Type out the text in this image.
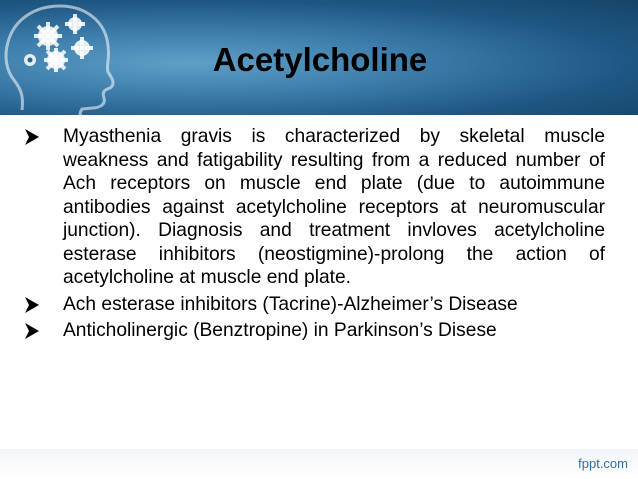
Acetylcholine
Myasthenia gravis is characterized by skeletal muscle weakness and fatigability resulting from a reduced number of Ach receptors on muscle end plate (due to autoimmune antibodies against acetylcholine receptors at neuromuscular junction). Diagnosis and treatment invloves acetylcholine esterase inhibitors (neostigmine)-prolong the action of acetylcholine at muscle end plate.
Ach esterase inhibitors (Tacrine)-Alzheimer’s Disease
Anticholinergic (Benztropine) in Parkinson’s Disese
fppt.com
